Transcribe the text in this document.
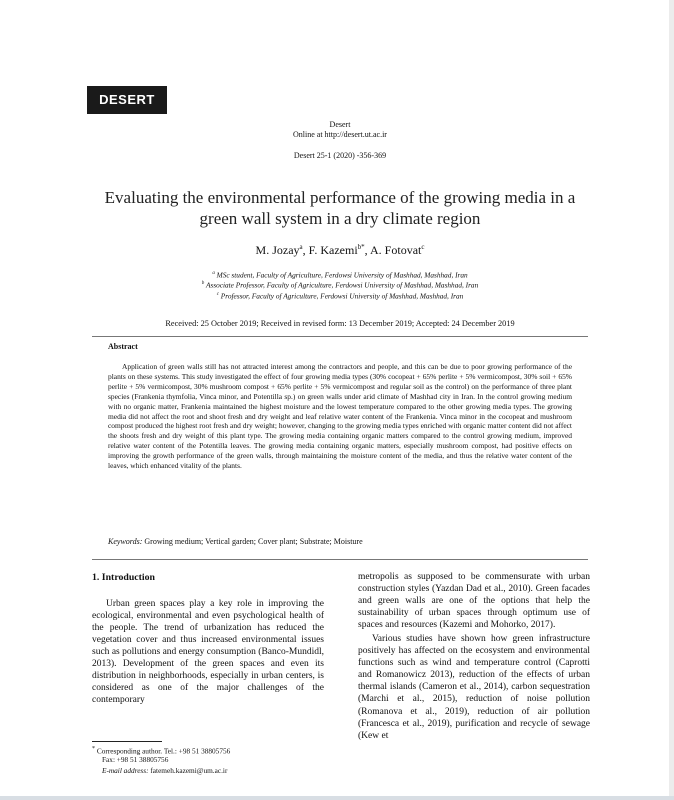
DESERT
Desert
Online at http://desert.ut.ac.ir
Desert 25-1 (2020) -356-369
Evaluating the environmental performance of the growing media in a green wall system in a dry climate region
M. Jozay$^a$, F. Kazemi$^{b*}$, A. Fotovat$^c$
$^a$ MSc student, Faculty of Agriculture, Ferdowsi University of Mashhad, Mashhad, Iran
$^b$ Associate Professor, Faculty of Agriculture, Ferdowsi University of Mashhad, Mashhad, Iran
$^c$ Professor, Faculty of Agriculture, Ferdowsi University of Mashhad, Mashhad, Iran
Received: 25 October 2019; Received in revised form: 13 December 2019; Accepted: 24 December 2019
Abstract
Application of green walls still has not attracted interest among the contractors and people, and this can be due to poor growing performance of the plants on these systems. This study investigated the effect of four growing media types (30% cocopeat + 65% perlite + 5% vermicompost, 30% soil + 65% perlite + 5% vermicompost, 30% mushroom compost + 65% perlite + 5% vermicompost and regular soil as the control) on the performance of three plant species (Frankenia thymfolia, Vinca minor, and Potentilla sp.) on green walls under arid climate of Mashhad city in Iran. In the control growing medium with no organic matter, Frankenia maintained the highest moisture and the lowest temperature compared to the other growing media types. The growing media did not affect the root and shoot fresh and dry weight and leaf relative water content of the Frankenia. Vinca minor in the cocopeat and mushroom compost produced the highest root fresh and dry weight; however, changing to the growing media types enriched with organic matter content did not affect the shoots fresh and dry weight of this plant type. The growing media containing organic matters compared to the control growing medium, improved relative water content of the Potentilla leaves. The growing media containing organic matters, especially mushroom compost, had positive effects on improving the growth performance of the green walls, through maintaining the moisture content of the media, and thus the relative water content of the leaves, which enhanced vitality of the plants.
Keywords: Growing medium; Vertical garden; Cover plant; Substrate; Moisture
1. Introduction
Urban green spaces play a key role in improving the ecological, environmental and even psychological health of the people. The trend of urbanization has reduced the vegetation cover and thus increased environmental issues such as pollutions and energy consumption (Banco-Mundidl, 2013). Development of the green spaces and even its distribution in neighborhoods, especially in urban centers, is considered as one of the major challenges of the contemporary

metropolis as supposed to be commensurate with urban construction styles (Yazdan Dad et al., 2010). Green facades and green walls are one of the options that help the sustainability of urban spaces through optimum use of spaces and resources (Kazemi and Mohorko, 2017).

Various studies have shown how green infrastructure positively has affected on the ecosystem and environmental functions such as wind and temperature control (Caprotti and Romanowicz 2013), reduction of the effects of urban thermal islands (Cameron et al., 2014), carbon sequestration (Marchi et al., 2015), reduction of noise pollution (Romanova et al., 2019), reduction of air pollution (Francesca et al., 2019), purification and recycle of sewage (Kew et

* Corresponding author. Tel.: +98 51 38805756
Fax: +98 51 38805756
E-mail address: fatemeh.kazemi@um.ac.ir
